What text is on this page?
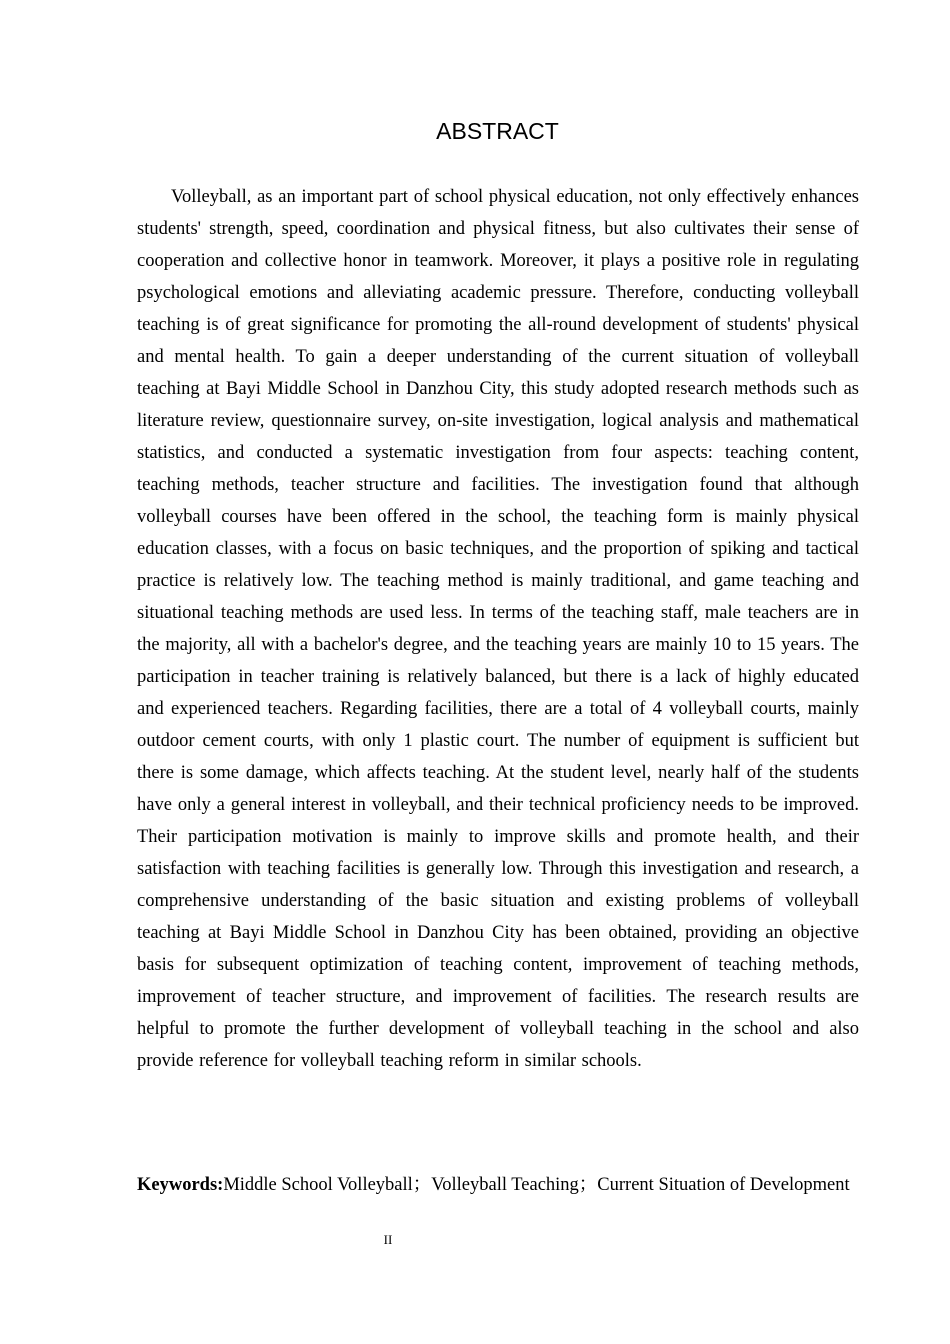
ABSTRACT

Volleyball, as an important part of school physical education, not only effectively enhances students' strength, speed, coordination and physical fitness, but also cultivates their sense of cooperation and collective honor in teamwork. Moreover, it plays a positive role in regulating psychological emotions and alleviating academic pressure. Therefore, conducting volleyball teaching is of great significance for promoting the all-round development of students' physical and mental health. To gain a deeper understanding of the current situation of volleyball teaching at Bayi Middle School in Danzhou City, this study adopted research methods such as literature review, questionnaire survey, on-site investigation, logical analysis and mathematical statistics, and conducted a systematic investigation from four aspects: teaching content, teaching methods, teacher structure and facilities. The investigation found that although volleyball courses have been offered in the school, the teaching form is mainly physical education classes, with a focus on basic techniques, and the proportion of spiking and tactical practice is relatively low. The teaching method is mainly traditional, and game teaching and situational teaching methods are used less. In terms of the teaching staff, male teachers are in the majority, all with a bachelor's degree, and the teaching years are mainly 10 to 15 years. The participation in teacher training is relatively balanced, but there is a lack of highly educated and experienced teachers. Regarding facilities, there are a total of 4 volleyball courts, mainly outdoor cement courts, with only 1 plastic court. The number of equipment is sufficient but there is some damage, which affects teaching. At the student level, nearly half of the students have only a general interest in volleyball, and their technical proficiency needs to be improved. Their participation motivation is mainly to improve skills and promote health, and their satisfaction with teaching facilities is generally low. Through this investigation and research, a comprehensive understanding of the basic situation and existing problems of volleyball teaching at Bayi Middle School in Danzhou City has been obtained, providing an objective basis for subsequent optimization of teaching content, improvement of teaching methods, improvement of teacher structure, and improvement of facilities. The research results are helpful to promote the further development of volleyball teaching in the school and also provide reference for volleyball teaching reform in similar schools.

Keywords:Middle School Volleyball；Volleyball Teaching；Current Situation of Development

II
